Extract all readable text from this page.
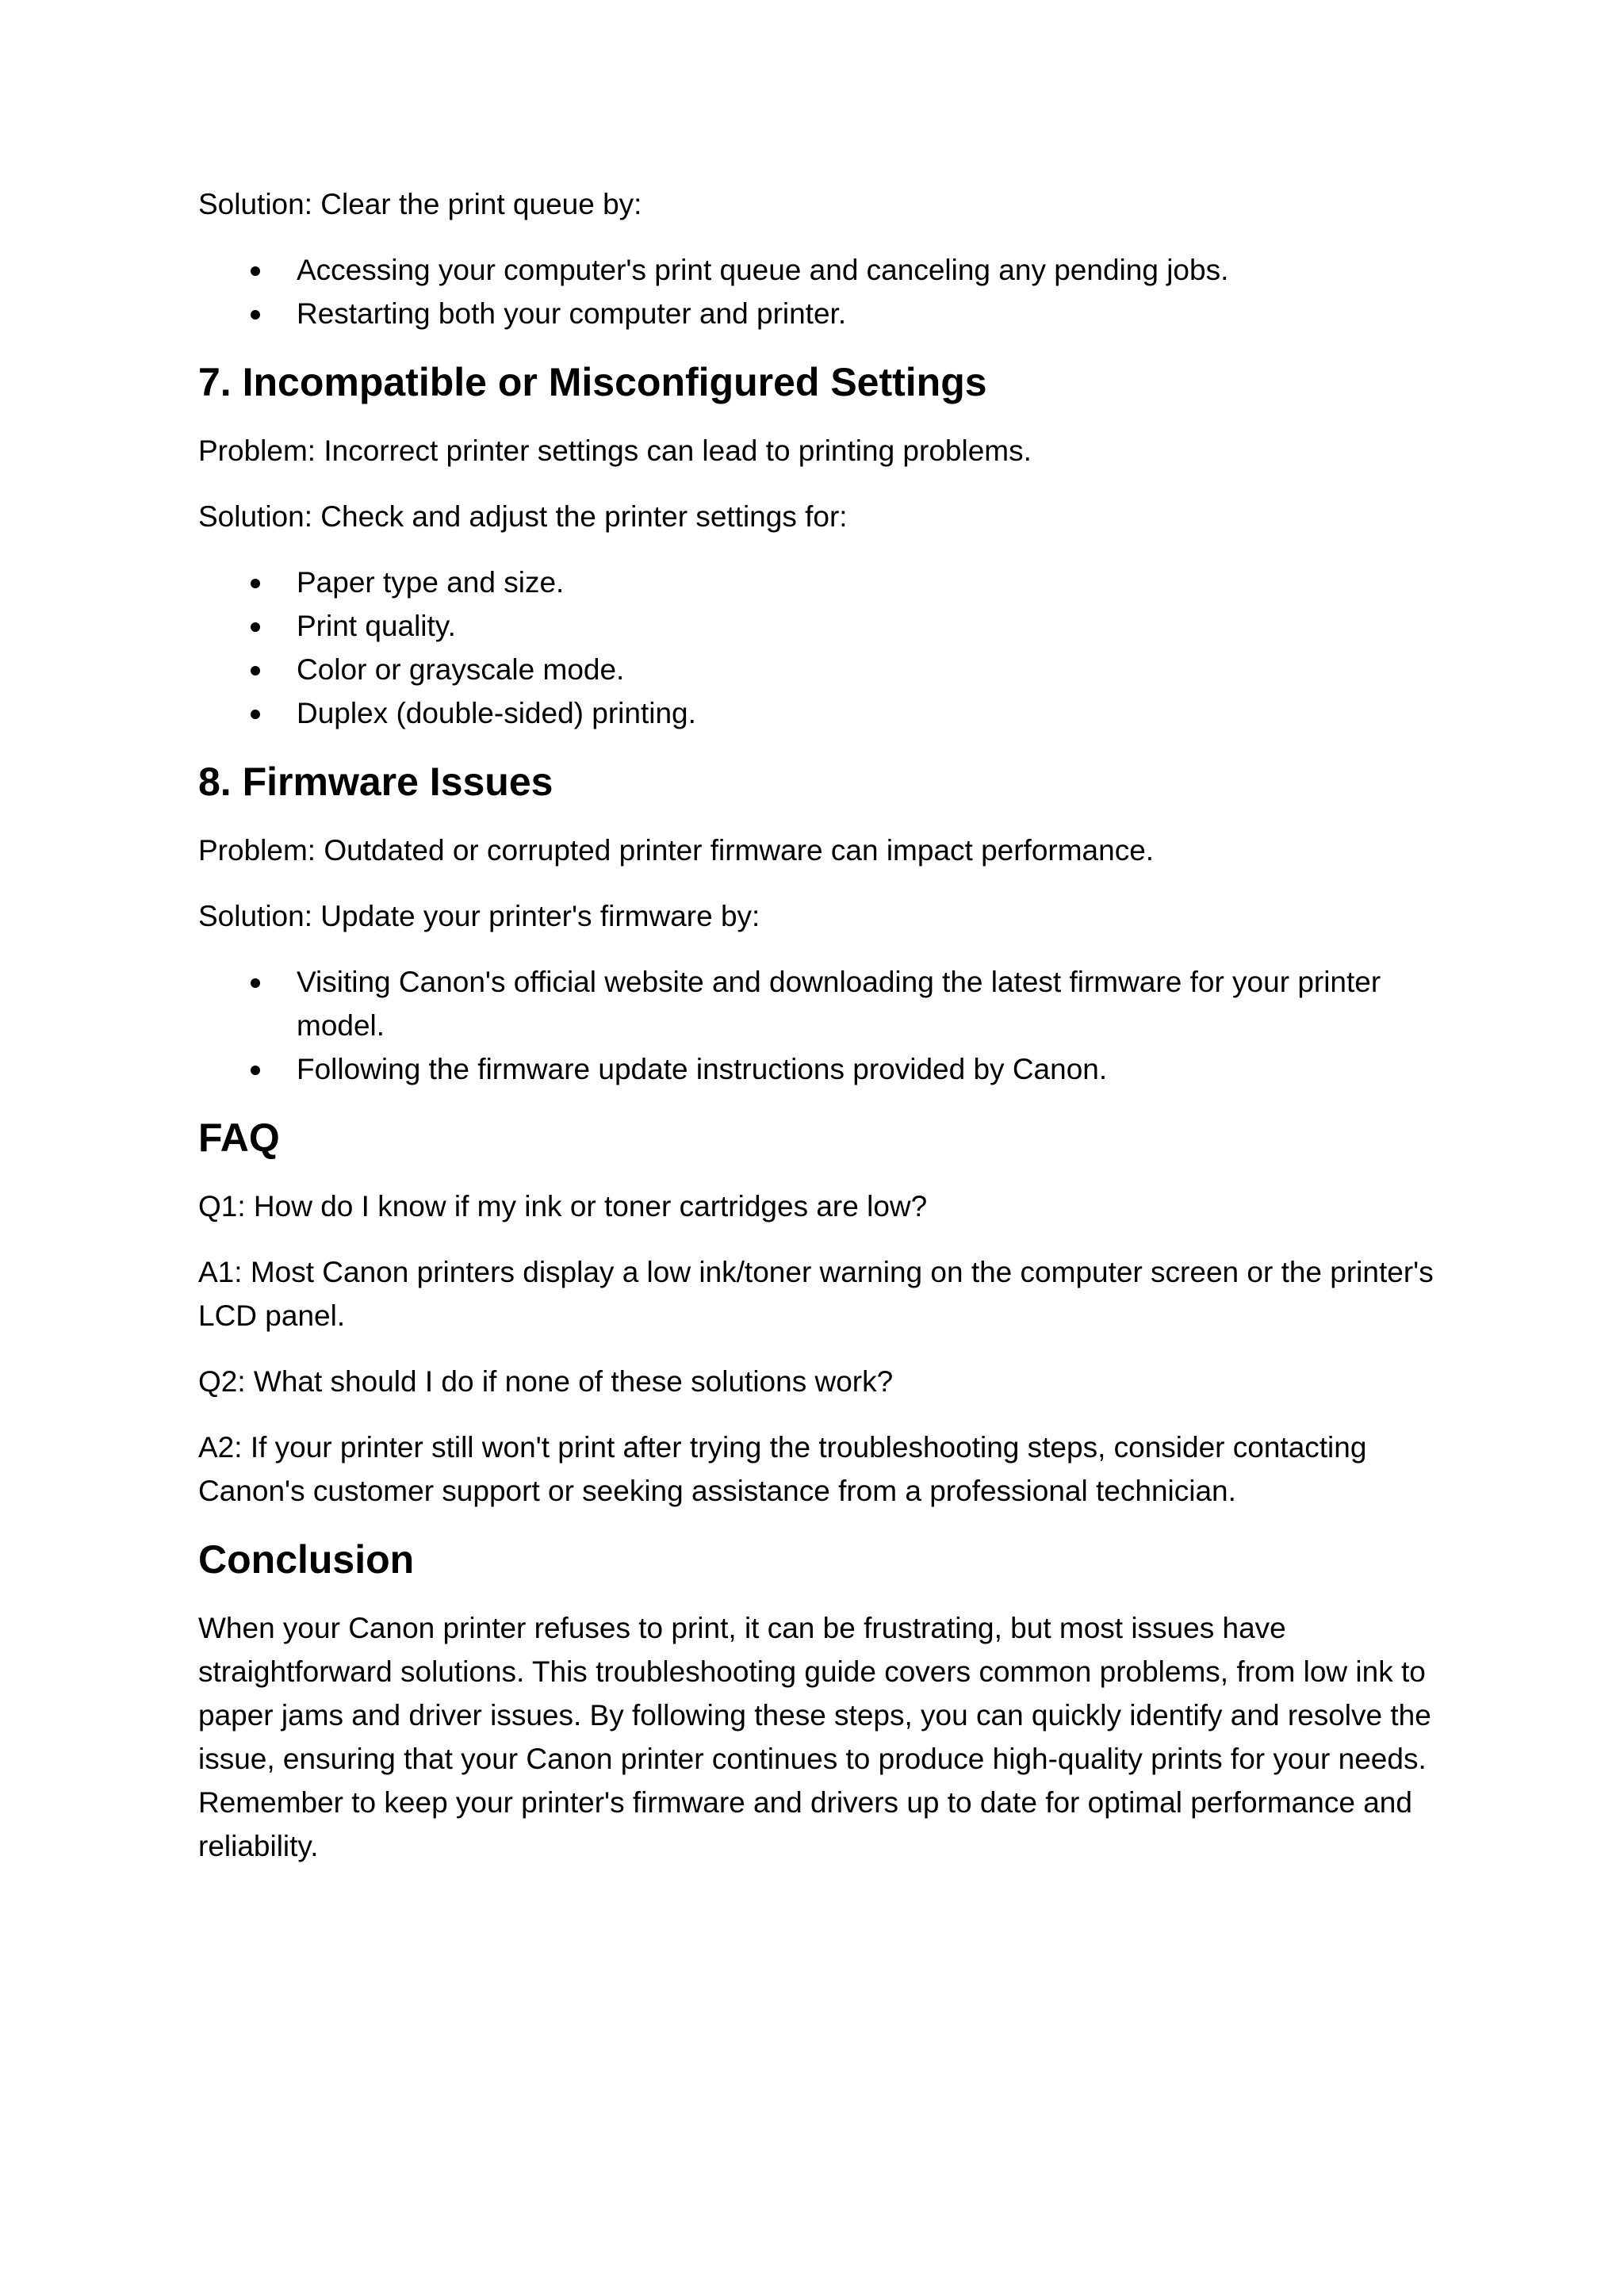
Solution: Clear the print queue by:

Accessing your computer's print queue and canceling any pending jobs.
Restarting both your computer and printer.
7. Incompatible or Misconfigured Settings

Problem: Incorrect printer settings can lead to printing problems.

Solution: Check and adjust the printer settings for:

Paper type and size.
Print quality.
Color or grayscale mode.
Duplex (double-sided) printing.
8. Firmware Issues

Problem: Outdated or corrupted printer firmware can impact performance.

Solution: Update your printer's firmware by:

Visiting Canon's official website and downloading the latest firmware for your printer model.
Following the firmware update instructions provided by Canon.
FAQ

Q1: How do I know if my ink or toner cartridges are low?

A1: Most Canon printers display a low ink/toner warning on the computer screen or the printer's LCD panel.

Q2: What should I do if none of these solutions work?

A2: If your printer still won't print after trying the troubleshooting steps, consider contacting Canon's customer support or seeking assistance from a professional technician.

Conclusion

When your Canon printer refuses to print, it can be frustrating, but most issues have straightforward solutions. This troubleshooting guide covers common problems, from low ink to paper jams and driver issues. By following these steps, you can quickly identify and resolve the issue, ensuring that your Canon printer continues to produce high-quality prints for your needs. Remember to keep your printer's firmware and drivers up to date for optimal performance and reliability.
